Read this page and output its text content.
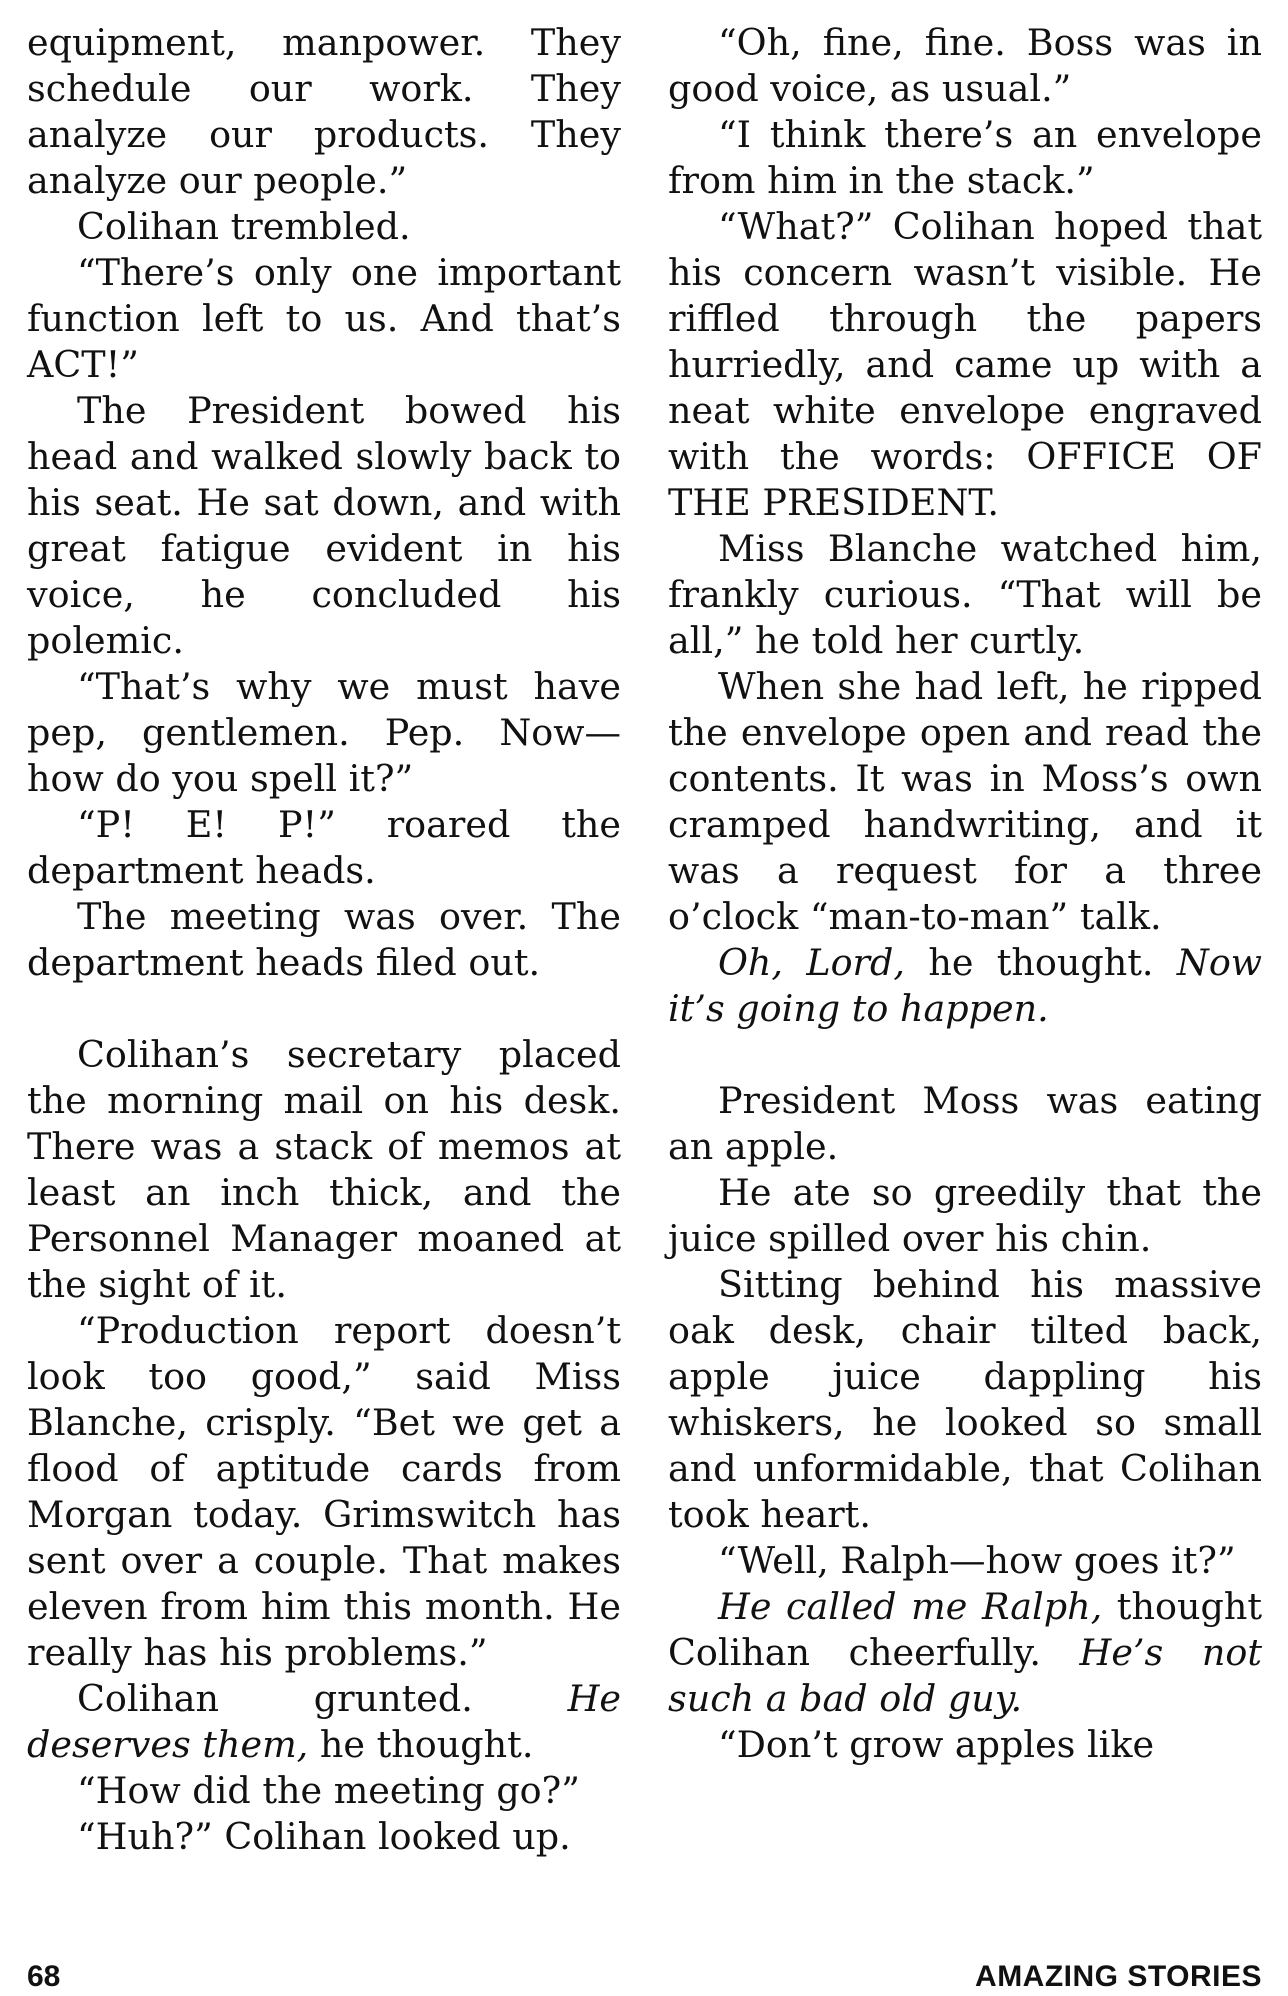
equipment, manpower. They schedule our work. They analyze our products. They analyze our people.”

Colihan trembled.

“There’s only one important function left to us. And that’s ACT!”

The President bowed his head and walked slowly back to his seat. He sat down, and with great fatigue evident in his voice, he concluded his polemic.

“That’s why we must have pep, gentlemen. Pep. Now—how do you spell it?”

“P! E! P!” roared the department heads.

The meeting was over. The department heads filed out.

Colihan’s secretary placed the morning mail on his desk. There was a stack of memos at least an inch thick, and the Personnel Manager moaned at the sight of it.

“Production report doesn’t look too good,” said Miss Blanche, crisply. “Bet we get a flood of aptitude cards from Morgan today. Grimswitch has sent over a couple. That makes eleven from him this month. He really has his problems.”

Colihan grunted.	He deserves them, he thought.

“How did the meeting go?”

“Huh?” Colihan looked up.

“Oh, fine, fine. Boss was in good voice, as usual.”

“I think there’s an envelope from him in the stack.”

“What?” Colihan hoped that his concern wasn’t visible. He riffled through the papers hurriedly, and came up with a neat white envelope engraved with the words: OFFICE OF THE PRESIDENT.

Miss Blanche watched him, frankly curious. “That will be all,” he told her curtly.

When she had left, he ripped the envelope open and read the contents. It was in Moss’s own cramped handwriting, and it was a request for a three o’clock “man-to-man” talk.

Oh, Lord, he thought. Now it’s going to happen.

President Moss was eating an apple.

He ate so greedily that the juice spilled over his chin.

Sitting behind his massive oak desk, chair tilted back, apple juice dappling his whiskers, he looked so small and unformidable, that Colihan took heart.

“Well, Ralph—how goes it?”

He called me Ralph, thought Colihan cheerfully. He’s not such a bad old guy.

“Don’t grow apples like

68	AMAZING STORIES
